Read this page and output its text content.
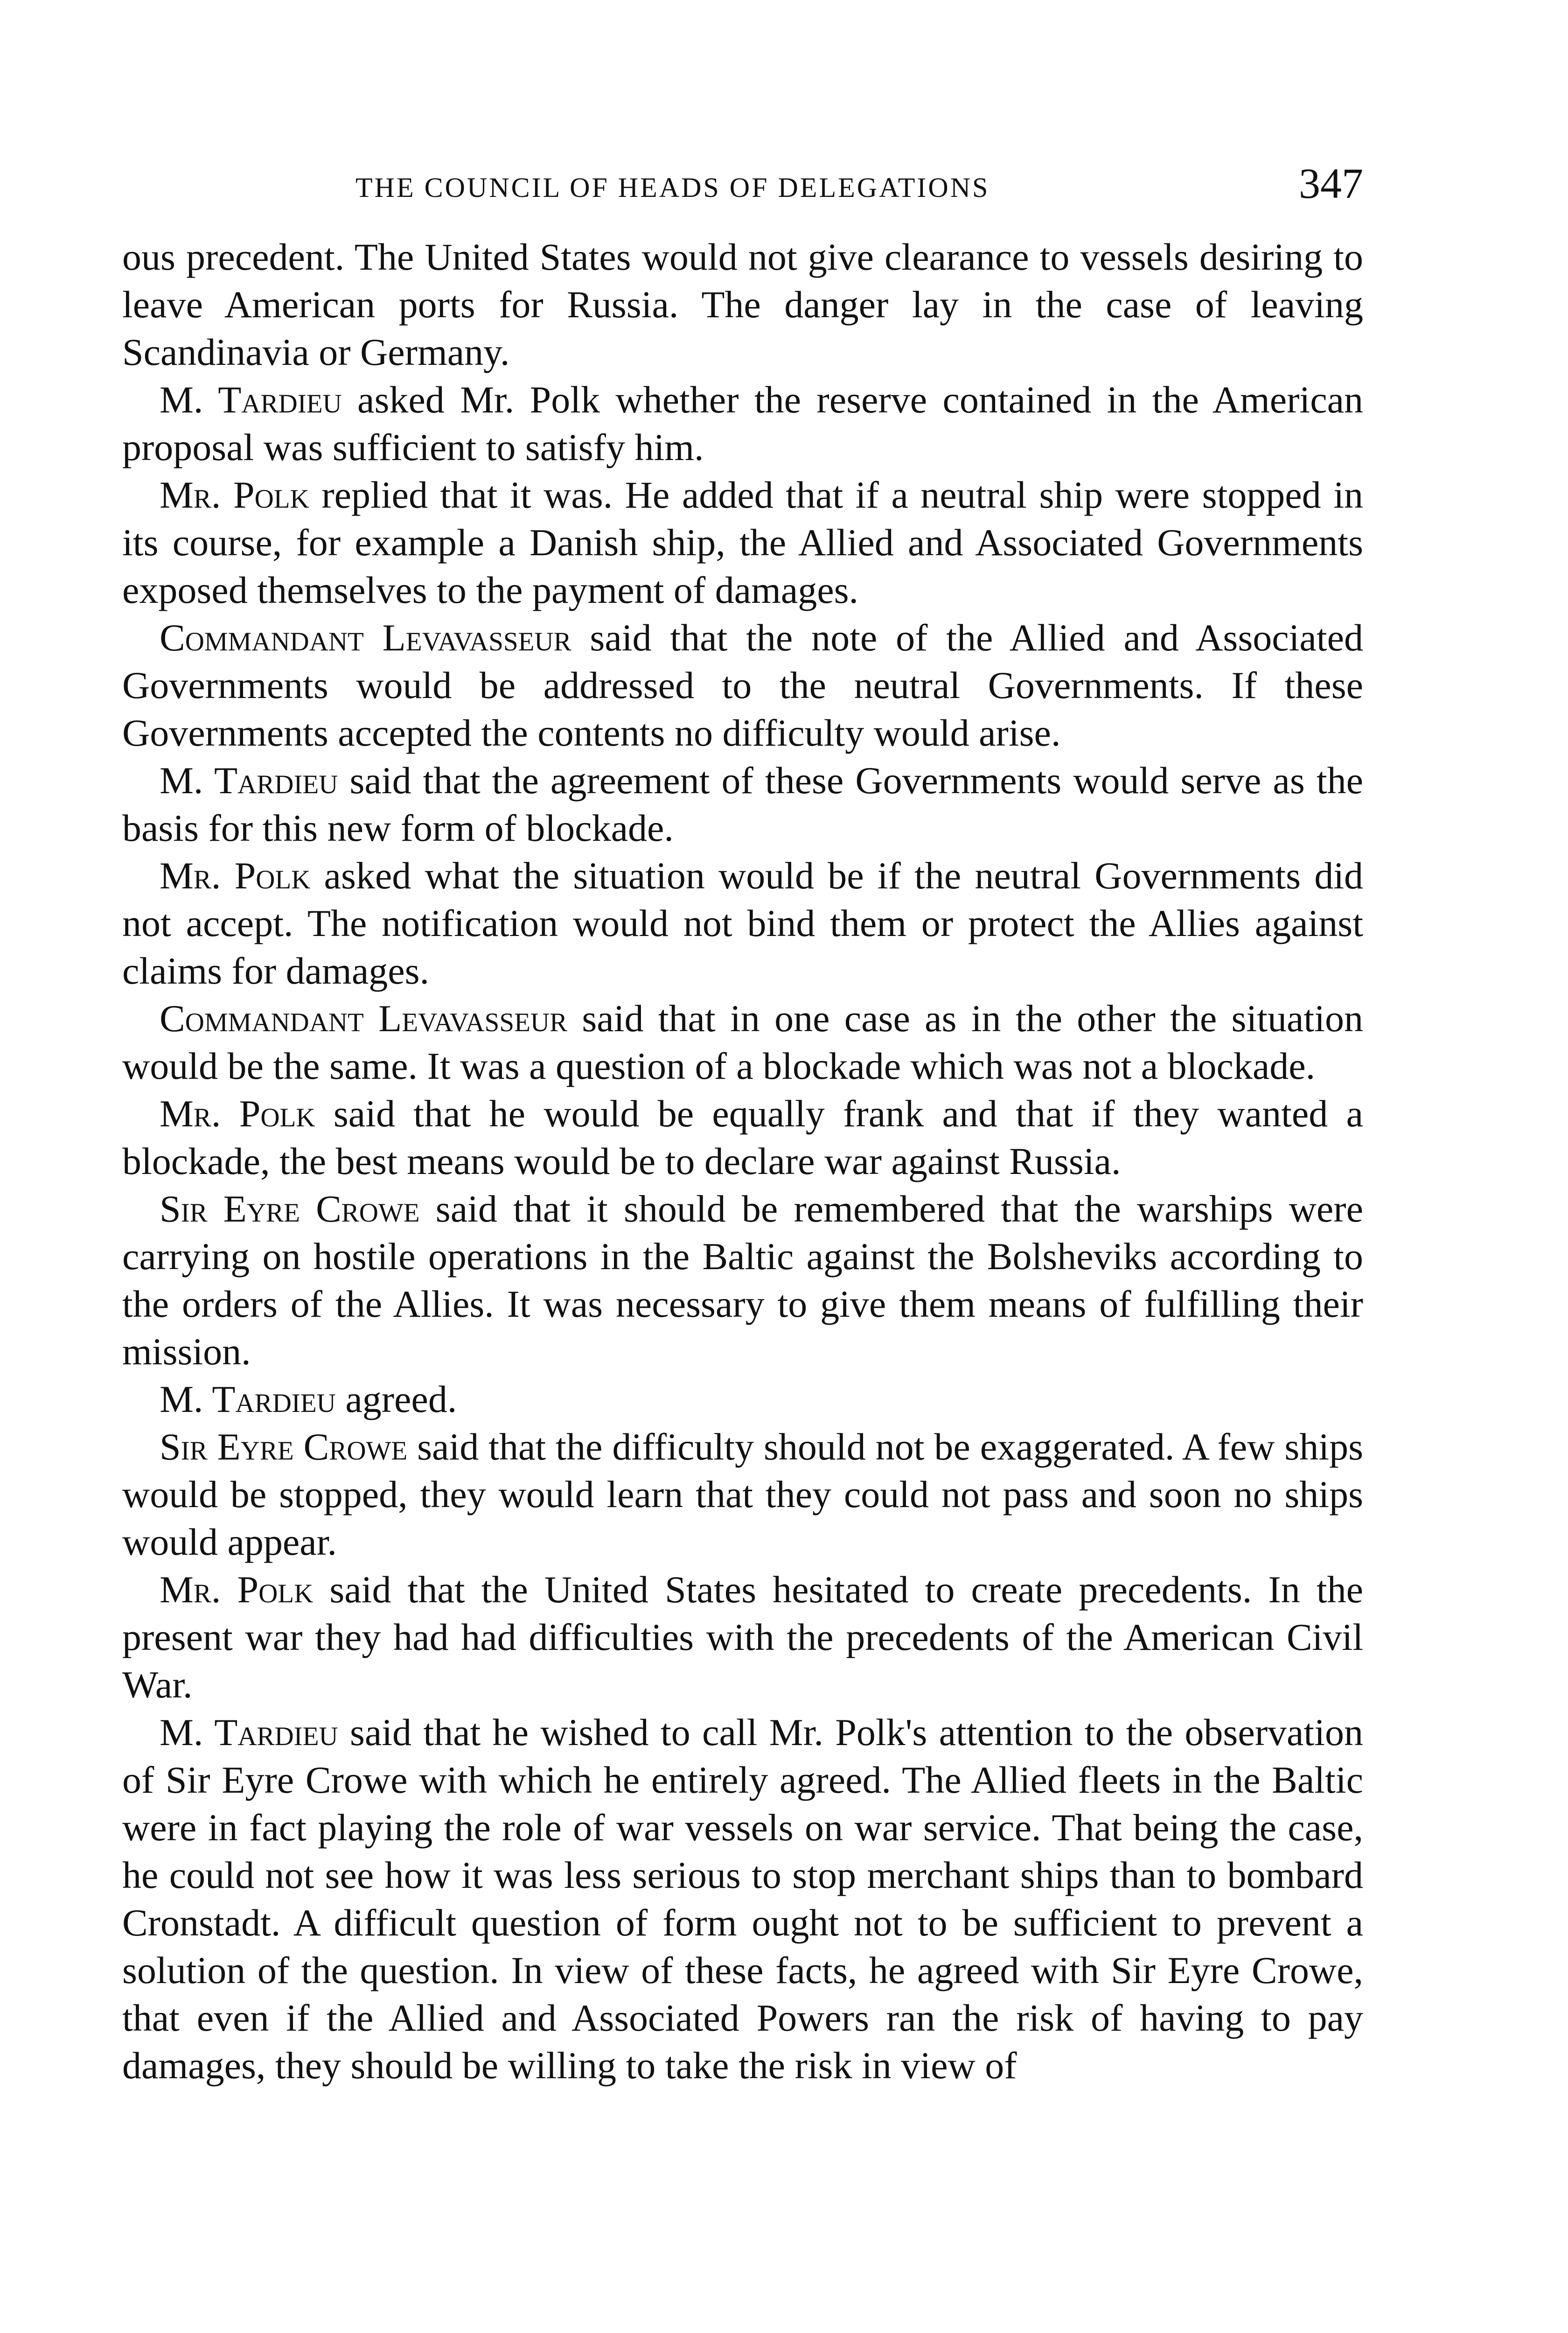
THE COUNCIL OF HEADS OF DELEGATIONS	347

ous precedent. The United States would not give clearance to vessels desiring to leave American ports for Russia. The danger lay in the case of leaving Scandinavia or Germany.

M. Tardieu asked Mr. Polk whether the reserve contained in the American proposal was sufficient to satisfy him.

Mr. Polk replied that it was. He added that if a neutral ship were stopped in its course, for example a Danish ship, the Allied and Associated Governments exposed themselves to the payment of damages.

Commandant Levavasseur said that the note of the Allied and Associated Governments would be addressed to the neutral Governments. If these Governments accepted the contents no difficulty would arise.

M. Tardieu said that the agreement of these Governments would serve as the basis for this new form of blockade.

Mr. Polk asked what the situation would be if the neutral Governments did not accept. The notification would not bind them or protect the Allies against claims for damages.

Commandant Levavasseur said that in one case as in the other the situation would be the same. It was a question of a blockade which was not a blockade.

Mr. Polk said that he would be equally frank and that if they wanted a blockade, the best means would be to declare war against Russia.

Sir Eyre Crowe said that it should be remembered that the warships were carrying on hostile operations in the Baltic against the Bolsheviks according to the orders of the Allies. It was necessary to give them means of fulfilling their mission.

M. Tardieu agreed.

Sir Eyre Crowe said that the difficulty should not be exaggerated. A few ships would be stopped, they would learn that they could not pass and soon no ships would appear.

Mr. Polk said that the United States hesitated to create precedents. In the present war they had had difficulties with the precedents of the American Civil War.

M. Tardieu said that he wished to call Mr. Polk's attention to the observation of Sir Eyre Crowe with which he entirely agreed. The Allied fleets in the Baltic were in fact playing the role of war vessels on war service. That being the case, he could not see how it was less serious to stop merchant ships than to bombard Cronstadt. A difficult question of form ought not to be sufficient to prevent a solution of the question. In view of these facts, he agreed with Sir Eyre Crowe, that even if the Allied and Associated Powers ran the risk of having to pay damages, they should be willing to take the risk in view of
